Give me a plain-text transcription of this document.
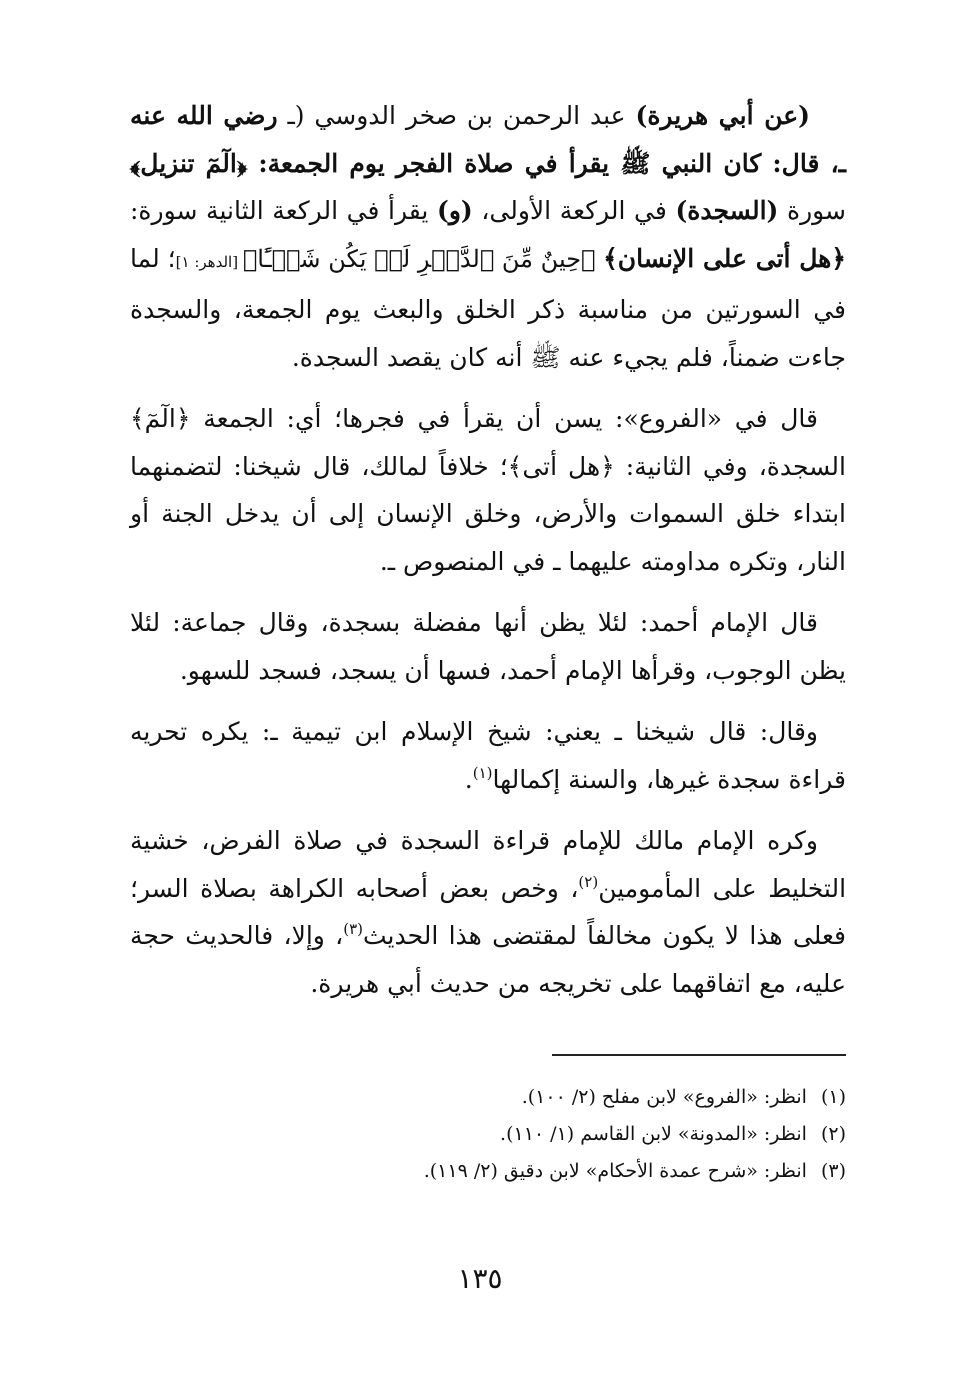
(عن أبي هريرة) عبد الرحمن بن صخر الدوسي (ـ رضي الله عنه ـ، قال: كان النبي ﷺ يقرأ في صلاة الفجر يوم الجمعة: ﴿الٓمٓ تنزيل﴾ سورة (السجدة) في الركعة الأولى، (و) يقرأ في الركعة الثانية سورة: ﴿هل أتى على الإنسان﴾ ﴿حِينٌ مِّنَ ٱلدَّهۡرِ لَمۡ يَكُن شَيۡـًٔا﴾ [الدهر: ١]؛ لما في السورتين من مناسبة ذكر الخلق والبعث يوم الجمعة، والسجدة جاءت ضمناً، فلم يجيء عنه ﷺ أنه كان يقصد السجدة.

قال في «الفروع»: يسن أن يقرأ في فجرها؛ أي: الجمعة ﴿الٓمٓ﴾ السجدة، وفي الثانية: ﴿هل أتى﴾؛ خلافاً لمالك، قال شيخنا: لتضمنهما ابتداء خلق السموات والأرض، وخلق الإنسان إلى أن يدخل الجنة أو النار، وتكره مداومته عليهما ـ في المنصوص ـ.

قال الإمام أحمد: لئلا يظن أنها مفضلة بسجدة، وقال جماعة: لئلا يظن الوجوب، وقرأها الإمام أحمد، فسها أن يسجد، فسجد للسهو.

وقال: قال شيخنا ـ يعني: شيخ الإسلام ابن تيمية ـ: يكره تحريه قراءة سجدة غيرها، والسنة إكمالها$^{(١)}$.

وكره الإمام مالك للإمام قراءة السجدة في صلاة الفرض، خشية التخليط على المأمومين$^{(٢)}$، وخص بعض أصحابه الكراهة بصلاة السر؛ فعلى هذا لا يكون مخالفاً لمقتضى هذا الحديث$^{(٣)}$، وإلا، فالحديث حجة عليه، مع اتفاقهما على تخريجه من حديث أبي هريرة.

(١)انظر: «الفروع» لابن مفلح (٢/ ١٠٠).
(٢)انظر: «المدونة» لابن القاسم (١/ ١١٠).
(٣)انظر: «شرح عمدة الأحكام» لابن دقيق (٢/ ١١٩).
١٣٥
